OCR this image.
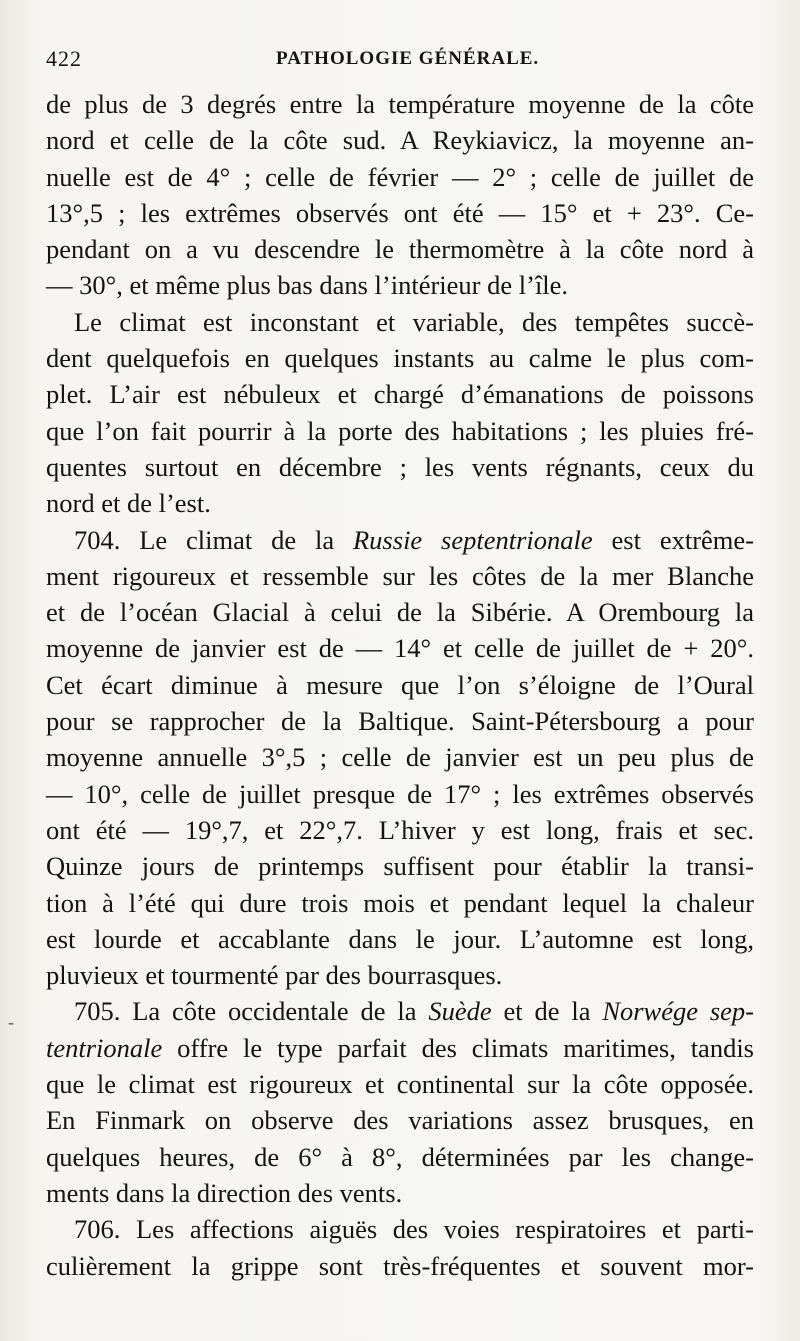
422	PATHOLOGIE GÉNÉRALE.
-
de plus de 3 degrés entre la température moyenne de la côte
nord et celle de la côte sud. A Reykiavicz, la moyenne an-
nuelle est de 4° ; celle de février — 2° ; celle de juillet de
13°,5 ; les extrêmes observés ont été — 15° et + 23°. Ce-
pendant on a vu descendre le thermomètre à la côte nord à
— 30°, et même plus bas dans l’intérieur de l’île.
Le climat est inconstant et variable, des tempêtes succè-
dent quelquefois en quelques instants au calme le plus com-
plet. L’air est nébuleux et chargé d’émanations de poissons
que l’on fait pourrir à la porte des habitations ; les pluies fré-
quentes surtout en décembre ; les vents régnants, ceux du
nord et de l’est.
704. Le climat de la Russie septentrionale est extrême-
ment rigoureux et ressemble sur les côtes de la mer Blanche
et de l’océan Glacial à celui de la Sibérie. A Orembourg la
moyenne de janvier est de — 14° et celle de juillet de + 20°.
Cet écart diminue à mesure que l’on s’éloigne de l’Oural
pour se rapprocher de la Baltique. Saint-Pétersbourg a pour
moyenne annuelle 3°,5 ; celle de janvier est un peu plus de
— 10°, celle de juillet presque de 17° ; les extrêmes observés
ont été — 19°,7, et 22°,7. L’hiver y est long, frais et sec.
Quinze jours de printemps suffisent pour établir la transi-
tion à l’été qui dure trois mois et pendant lequel la chaleur
est lourde et accablante dans le jour. L’automne est long,
pluvieux et tourmenté par des bourrasques.
705. La côte occidentale de la Suède et de la Norwége sep-
tentrionale offre le type parfait des climats maritimes, tandis
que le climat est rigoureux et continental sur la côte opposée.
En Finmark on observe des variations assez brusques, en
quelques heures, de 6° à 8°, déterminées par les change-
ments dans la direction des vents.
706. Les affections aiguës des voies respiratoires et parti-
culièrement la grippe sont très-fréquentes et souvent mor-
